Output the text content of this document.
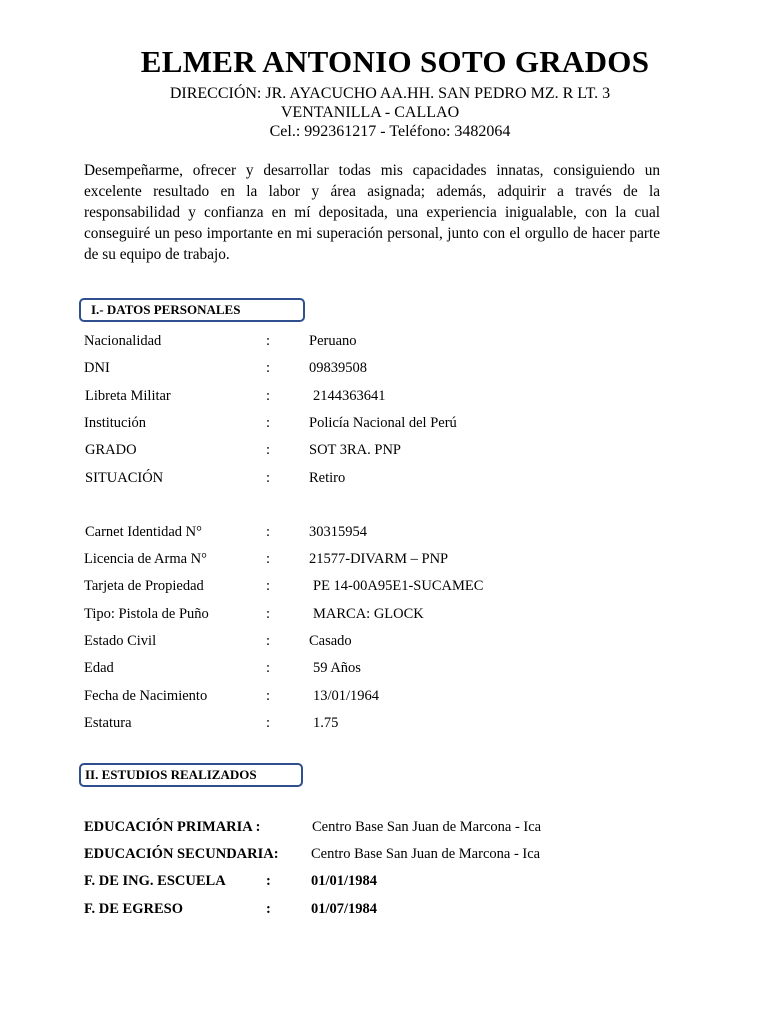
ELMER ANTONIO SOTO GRADOS
DIRECCIÓN: JR. AYACUCHO AA.HH. SAN PEDRO MZ. R LT. 3
VENTANILLA - CALLAO
Cel.: 992361217 - Teléfono: 3482064
Desempeñarme, ofrecer y desarrollar todas mis capacidades innatas, consiguiendo un excelente resultado en la labor y área asignada; además, adquirir a través de la responsabilidad y confianza en mí depositada, una experiencia inigualable, con la cual conseguiré un peso importante en mi superación personal, junto con el orgullo de hacer parte de su equipo de trabajo.
I.- DATOS PERSONALES
Nacionalidad	:	Peruano
DNI	:	09839508
Libreta Militar	:	2144363641
Institución	:	Policía Nacional del Perú
GRADO	:	SOT 3RA. PNP
SITUACIÓN	:	Retiro
Carnet Identidad N°	:	30315954
Licencia de Arma N°	:	21577-DIVARM – PNP
Tarjeta de Propiedad	:	PE 14-00A95E1-SUCAMEC
Tipo: Pistola de Puño	:	MARCA: GLOCK
Estado Civil	:	Casado
Edad	:	59 Años
Fecha de Nacimiento	:	13/01/1964
Estatura	:	1.75
II. ESTUDIOS REALIZADOS
EDUCACIÓN PRIMARIA :	Centro Base San Juan de Marcona - Ica
EDUCACIÓN SECUNDARIA: Centro Base San Juan de Marcona - Ica
F. DE ING. ESCUELA	:	01/01/1984
F. DE EGRESO	:	01/07/1984
